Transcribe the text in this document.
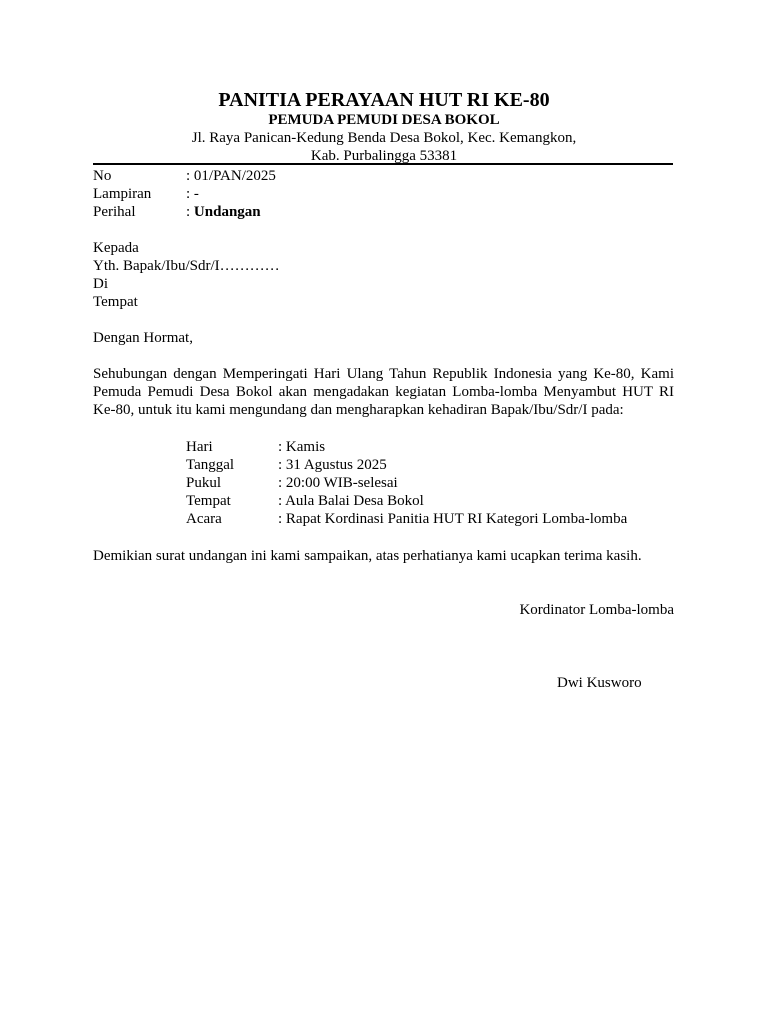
PANITIA PERAYAAN HUT RI KE-80
PEMUDA PEMUDI DESA BOKOL
Jl. Raya Panican-Kedung Benda Desa Bokol, Kec. Kemangkon,
Kab. Purbalingga 53381
No	: 01/PAN/2025
Lampiran : -
Perihal	: Undangan
Kepada
Yth. Bapak/Ibu/Sdr/I…………
Di
Tempat
Dengan Hormat,
Sehubungan dengan Memperingati Hari Ulang Tahun Republik Indonesia yang Ke-80, Kami Pemuda Pemudi Desa Bokol akan mengadakan kegiatan Lomba-lomba Menyambut HUT RI Ke-80, untuk itu kami mengundang dan mengharapkan kehadiran Bapak/Ibu/Sdr/I pada:
Hari	: Kamis
Tanggal	: 31 Agustus 2025
Pukul	: 20:00 WIB-selesai
Tempat	: Aula Balai Desa Bokol
Acara	: Rapat Kordinasi Panitia HUT RI Kategori Lomba-lomba
Demikian surat undangan ini kami sampaikan, atas perhatianya kami ucapkan terima kasih.
Kordinator Lomba-lomba
Dwi Kusworo
